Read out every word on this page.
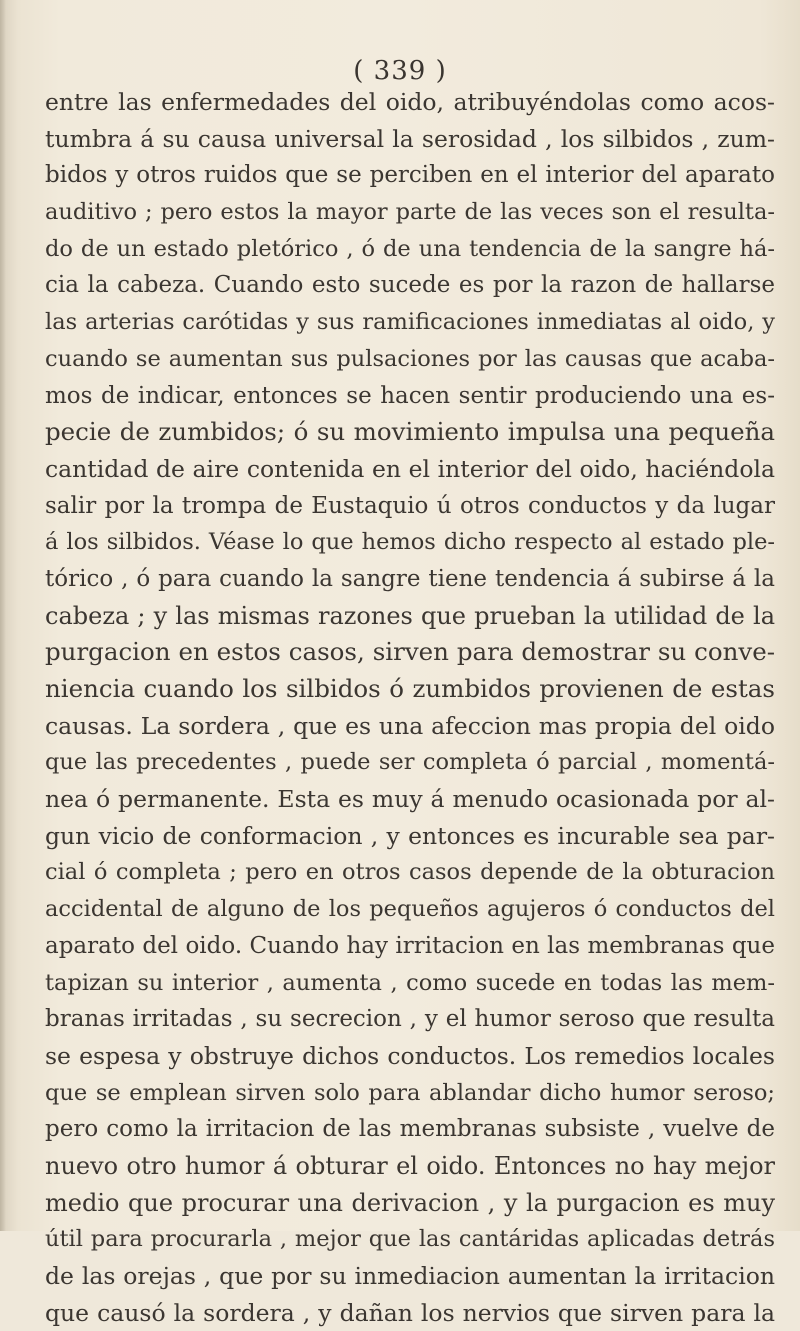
( 339 )
entre las enfermedades del oido, atribuyéndolas como acos-
tumbra á su causa universal la serosidad , los silbidos , zum-
bidos y otros ruidos que se perciben en el interior del aparato
auditivo ; pero estos la mayor parte de las veces son el resulta-
do de un estado pletórico , ó de una tendencia de la sangre há-
cia la cabeza. Cuando esto sucede es por la razon de hallarse
las arterias carótidas y sus ramificaciones inmediatas al oido, y
cuando se aumentan sus pulsaciones por las causas que acaba-
mos de indicar, entonces se hacen sentir produciendo una es-
pecie de zumbidos; ó su movimiento impulsa una pequeña
cantidad de aire contenida en el interior del oido, haciéndola
salir por la trompa de Eustaquio ú otros conductos y da lugar
á los silbidos. Véase lo que hemos dicho respecto al estado ple-
tórico , ó para cuando la sangre tiene tendencia á subirse á la
cabeza ; y las mismas razones que prueban la utilidad de la
purgacion en estos casos, sirven para demostrar su conve-
niencia cuando los silbidos ó zumbidos provienen de estas
causas. La sordera , que es una afeccion mas propia del oido
que las precedentes , puede ser completa ó parcial , momentá-
nea ó permanente. Esta es muy á menudo ocasionada por al-
gun vicio de conformacion , y entonces es incurable sea par-
cial ó completa ; pero en otros casos depende de la obturacion
accidental de alguno de los pequeños agujeros ó conductos del
aparato del oido. Cuando hay irritacion en las membranas que
tapizan su interior , aumenta , como sucede en todas las mem-
branas irritadas , su secrecion , y el humor seroso que resulta
se espesa y obstruye dichos conductos. Los remedios locales
que se emplean sirven solo para ablandar dicho humor seroso;
pero como la irritacion de las membranas subsiste , vuelve de
nuevo otro humor á obturar el oido. Entonces no hay mejor
medio que procurar una derivacion , y la purgacion es muy
útil para procurarla , mejor que las cantáridas aplicadas detrás
de las orejas , que por su inmediacion aumentan la irritacion
que causó la sordera , y dañan los nervios que sirven para la
